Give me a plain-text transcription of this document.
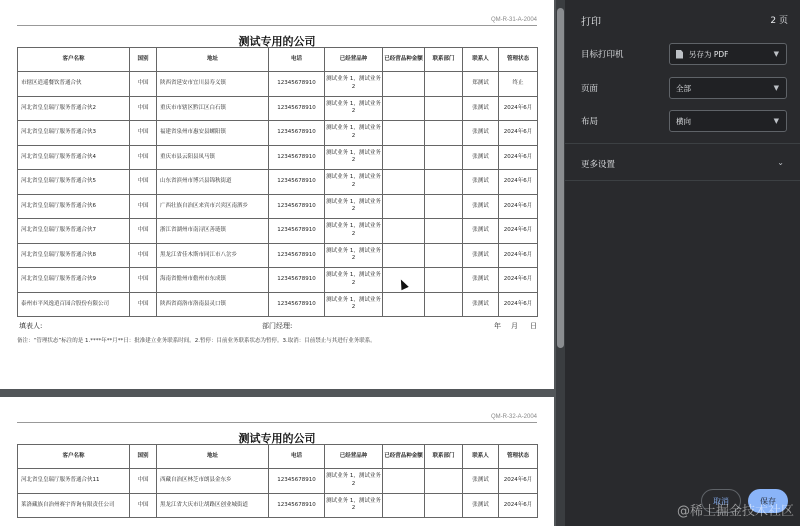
QM-R-31-A-2004
测试专用的公司
客户名称	国别	地址	电话	已经营品种	已经营品种金额	联系部门	联系人	管理状态
市辖区逍遥餐饮普通合伙	中国	陕西省延安市宜川县寿义镇	12345678910	测试业务 1，测试业务2			郑测试	终止
河北省皇皇瑞厅服务普通合伙2	中国	重庆市市辖区黔江区白石镇	12345678910	测试业务 1，测试业务2			张测试	2024年6月
河北省皇皇瑞厅服务普通合伙3	中国	福建省泉州市惠安县螺阳镇	12345678910	测试业务 1，测试业务2			张测试	2024年6月
河北省皇皇瑞厅服务普通合伙4	中国	重庆市县云阳县凤马镇	12345678910	测试业务 1，测试业务2			张测试	2024年6月
河北省皇皇瑞厅服务普通合伙5	中国	山东省滨州市博兴县锦秋街道	12345678910	测试业务 1，测试业务2			张测试	2024年6月
河北省皇皇瑞厅服务普通合伙6	中国	广西壮族自治区来宾市兴宾区南泗乡	12345678910	测试业务 1，测试业务2			张测试	2024年6月
河北省皇皇瑞厅服务普通合伙7	中国	浙江省湖州市南浔区善琏镇	12345678910	测试业务 1，测试业务2			张测试	2024年6月
河北省皇皇瑞厅服务普通合伙8	中国	黑龙江省佳木斯市同江市八岔乡	12345678910	测试业务 1，测试业务2			张测试	2024年6月
河北省皇皇瑞厅服务普通合伙9	中国	海南省儋州市儋州市东成镇	12345678910	测试业务 1，测试业务2			张测试	2024年6月
泰州市平风逸逍百园合股份有限公司	中国	陕西省商洛市洛南县灵口镇	12345678910	测试业务 1，测试业务2			张测试	2024年6月
填表人:	部门经理:	年 月 日
备注：“管理状态”标注的是 1.****年**月**日：批准建立业务联系时间。2.暂停：目前业务联系状态为暂停。3.取消：目前禁止与其进行业务联系。
QM-R-32-A-2004
测试专用的公司
客户名称	国别	地址	电话	已经营品种	已经营品种金额	联系部门	联系人	管理状态
河北省皇皇瑞厅服务普通合伙11	中国	西藏自治区林芝市朗县金东乡	12345678910	测试业务 1，测试业务2			张测试	2024年6月
莱洛藏族自治州赛宇咨询有限责任公司	中国	黑龙江省大庆市让胡路区创业城街道	12345678910	测试业务 1，测试业务2			张测试	2024年6月
打印	2 页
目标打印机	另存为 PDF	▼
页面	全部	▼
布局	横向	▼
更多设置	⌄
取消	保存
@稀土掘金技术社区
